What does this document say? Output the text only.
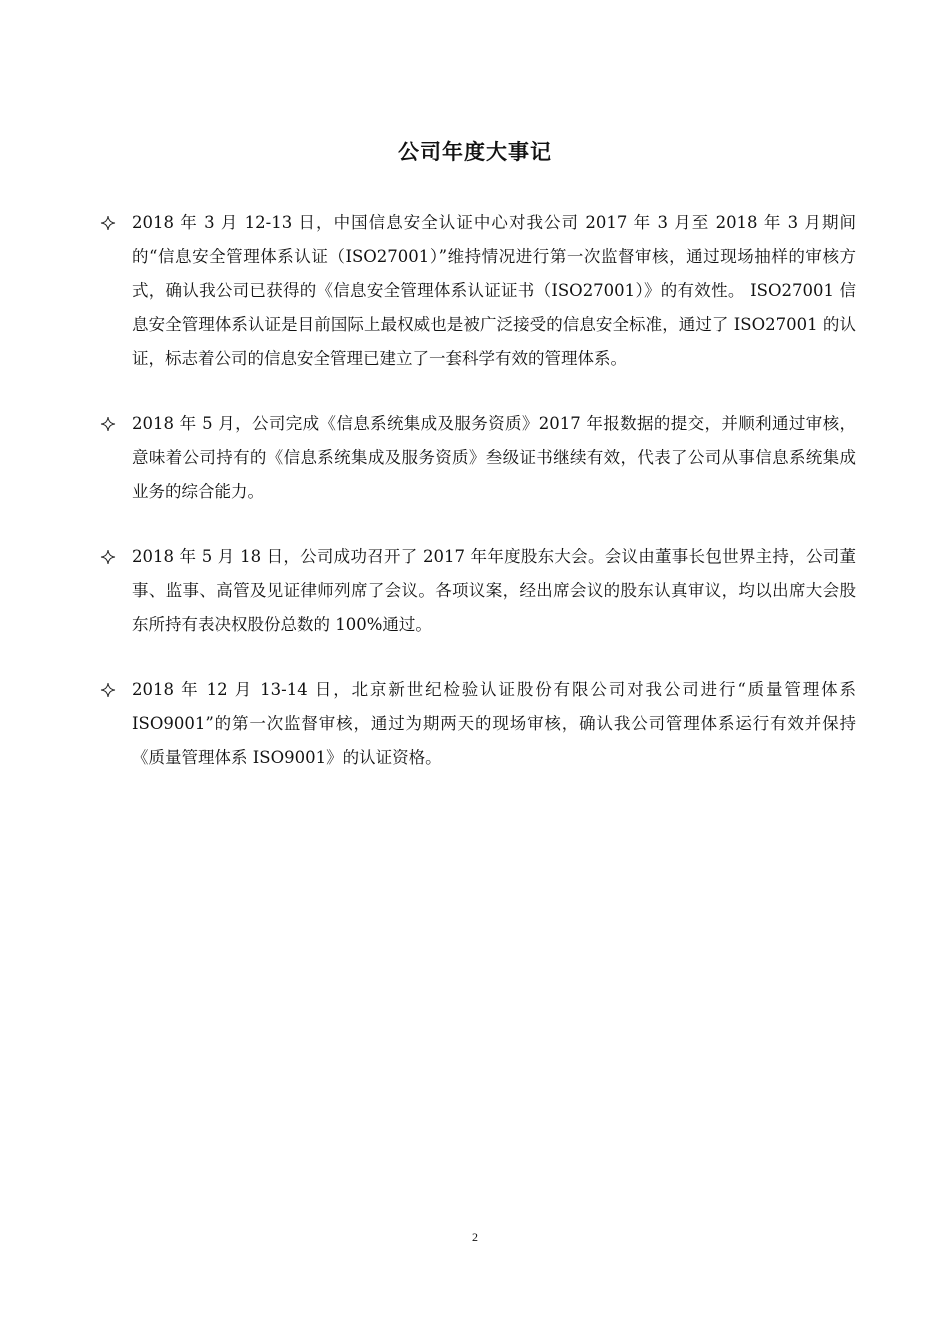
公司年度大事记
2018 年 3 月 12-13 日，中国信息安全认证中心对我公司 2017 年 3 月至 2018 年 3 月期间的“信息安全管理体系认证（ISO27001）”维持情况进行第一次监督审核，通过现场抽样的审核方式，确认我公司已获得的《信息安全管理体系认证证书（ISO27001）》的有效性。 ISO27001 信息安全管理体系认证是目前国际上最权威也是被广泛接受的信息安全标准，通过了 ISO27001 的认证，标志着公司的信息安全管理已建立了一套科学有效的管理体系。
2018 年 5 月，公司完成《信息系统集成及服务资质》2017 年报数据的提交，并顺利通过审核，意味着公司持有的《信息系统集成及服务资质》叁级证书继续有效，代表了公司从事信息系统集成业务的综合能力。
2018 年 5 月 18 日，公司成功召开了 2017 年年度股东大会。会议由董事长包世界主持，公司董事、监事、高管及见证律师列席了会议。各项议案，经出席会议的股东认真审议，均以出席大会股东所持有表决权股份总数的 100%通过。
2018 年 12 月 13-14 日，北京新世纪检验认证股份有限公司对我公司进行“质量管理体系 ISO9001”的第一次监督审核，通过为期两天的现场审核，确认我公司管理体系运行有效并保持《质量管理体系 ISO9001》的认证资格。
2
